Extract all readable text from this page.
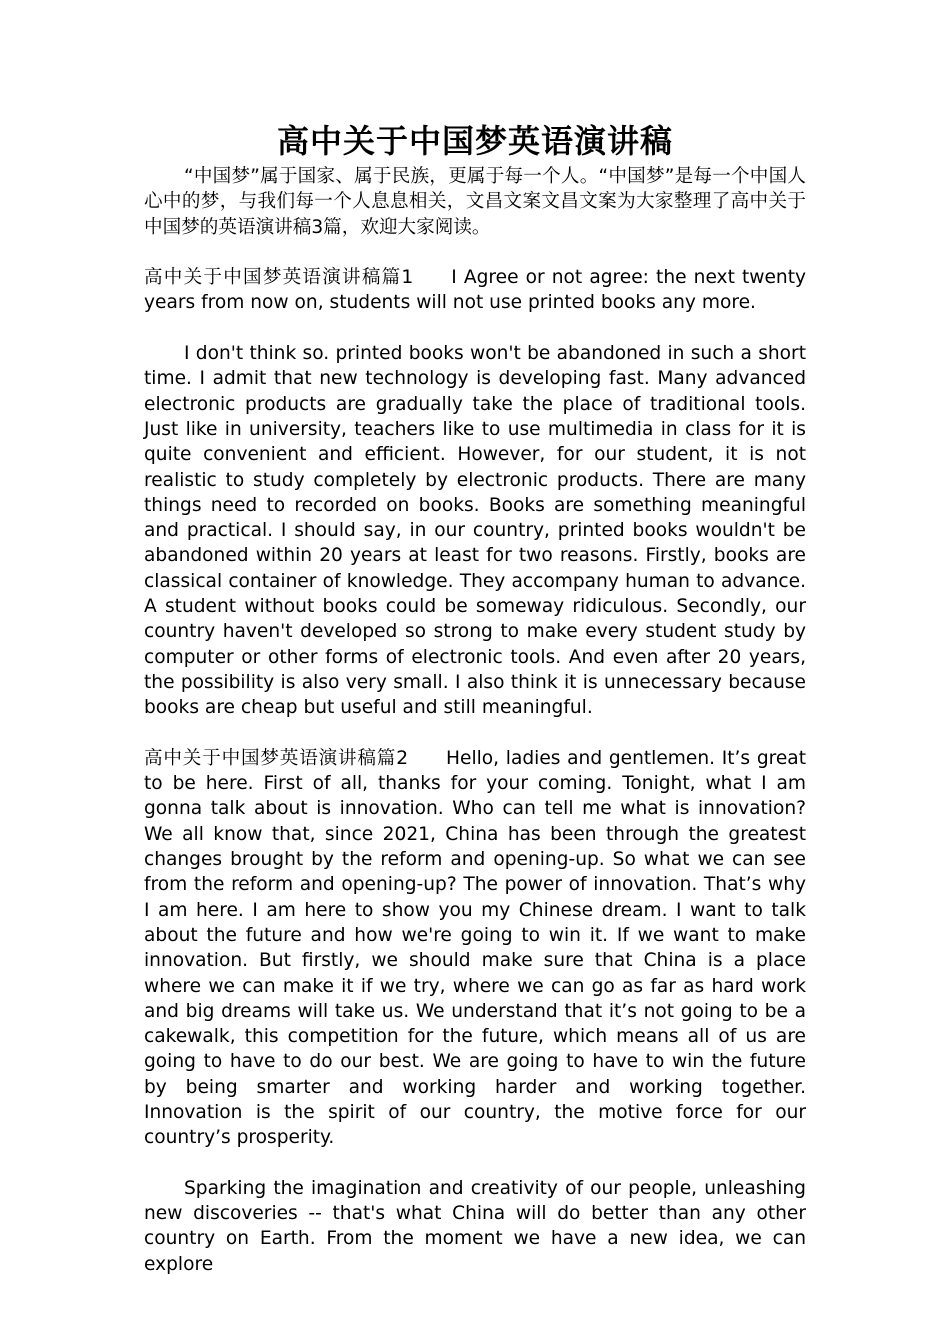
高中关于中国梦英语演讲稿

“中国梦”属于国家、属于民族，更属于每一个人。“中国梦”是每一个中国人心中的梦，与我们每一个人息息相关，文昌文案文昌文案为大家整理了高中关于中国梦的英语演讲稿3篇，欢迎大家阅读。

高中关于中国梦英语演讲稿篇1 I Agree or not agree: the next twenty years from now on, students will not use printed books any more.

I don't think so. printed books won't be abandoned in such a short time. I admit that new technology is developing fast. Many advanced electronic products are gradually take the place of traditional tools. Just like in university, teachers like to use multimedia in class for it is quite convenient and efficient. However, for our student, it is not realistic to study completely by electronic products. There are many things need to recorded on books. Books are something meaningful and practical. I should say, in our country, printed books wouldn't be abandoned within 20 years at least for two reasons. Firstly, books are classical container of knowledge. They accompany human to advance. A student without books could be someway ridiculous. Secondly, our country haven't developed so strong to make every student study by computer or other forms of electronic tools. And even after 20 years, the possibility is also very small. I also think it is unnecessary because books are cheap but useful and still meaningful.

高中关于中国梦英语演讲稿篇2 Hello, ladies and gentlemen. It’s great to be here. First of all, thanks for your coming. Tonight, what I am gonna talk about is innovation. Who can tell me what is innovation? We all know that, since 2021, China has been through the greatest changes brought by the reform and opening-up. So what we can see from the reform and opening-up? The power of innovation. That’s why I am here. I am here to show you my Chinese dream. I want to talk about the future and how we're going to win it. If we want to make innovation. But firstly, we should make sure that China is a place where we can make it if we try, where we can go as far as hard work and big dreams will take us. We understand that it’s not going to be a cakewalk, this competition for the future, which means all of us are going to have to do our best. We are going to have to win the future by being smarter and working harder and working together. Innovation is the spirit of our country, the motive force for our country’s prosperity.

Sparking the imagination and creativity of our people, unleashing new discoveries -- that's what China will do better than any other country on Earth. From the moment we have a new idea, we can explore
